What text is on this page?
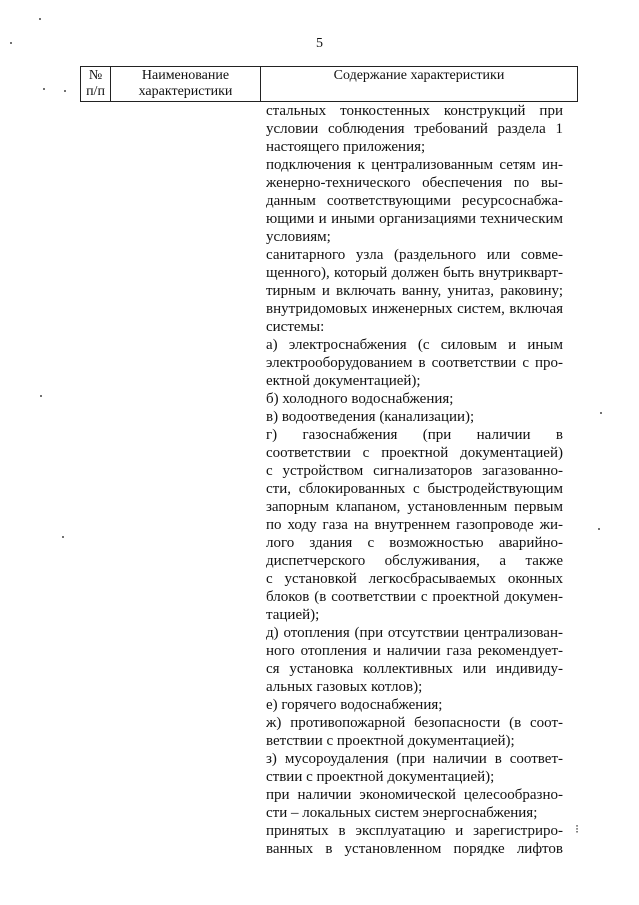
5
№ п/п	Наименование характеристики	Содержание характеристики
стальных тонкостенных конструкций при
условии соблюдения требований раздела 1
настоящего приложения;
подключения к централизованным сетям ин-
женерно-технического обеспечения по вы-
данным соответствующими ресурсоснабжа-
ющими и иными организациями техническим
условиям;
санитарного узла (раздельного или совме-
щенного), который должен быть внутрикварт-
тирным и включать ванну, унитаз, раковину;
внутридомовых инженерных систем, включая
системы:
а) электроснабжения (с силовым и иным
электрооборудованием в соответствии с про-
ектной документацией);
б) холодного водоснабжения;
в) водоотведения (канализации);
г) газоснабжения (при наличии в
соответствии с проектной документацией)
с устройством сигнализаторов загазованно-
сти, сблокированных с быстродействующим
запорным клапаном, установленным первым
по ходу газа на внутреннем газопроводе жи-
лого здания с возможностью аварийно-
диспетчерского обслуживания, а также
с установкой легкосбрасываемых оконных
блоков (в соответствии с проектной докумен-
тацией);
д) отопления (при отсутствии централизован-
ного отопления и наличии газа рекомендует-
ся установка коллективных или индивиду-
альных газовых котлов);
е) горячего водоснабжения;
ж) противопожарной безопасности (в соот-
ветствии с проектной документацией);
з) мусороудаления (при наличии в соответ-
ствии с проектной документацией);
при наличии экономической целесообразно-
сти – локальных систем энергоснабжения;
принятых в эксплуатацию и зарегистриро-
ванных в установленном порядке лифтов
⁝
